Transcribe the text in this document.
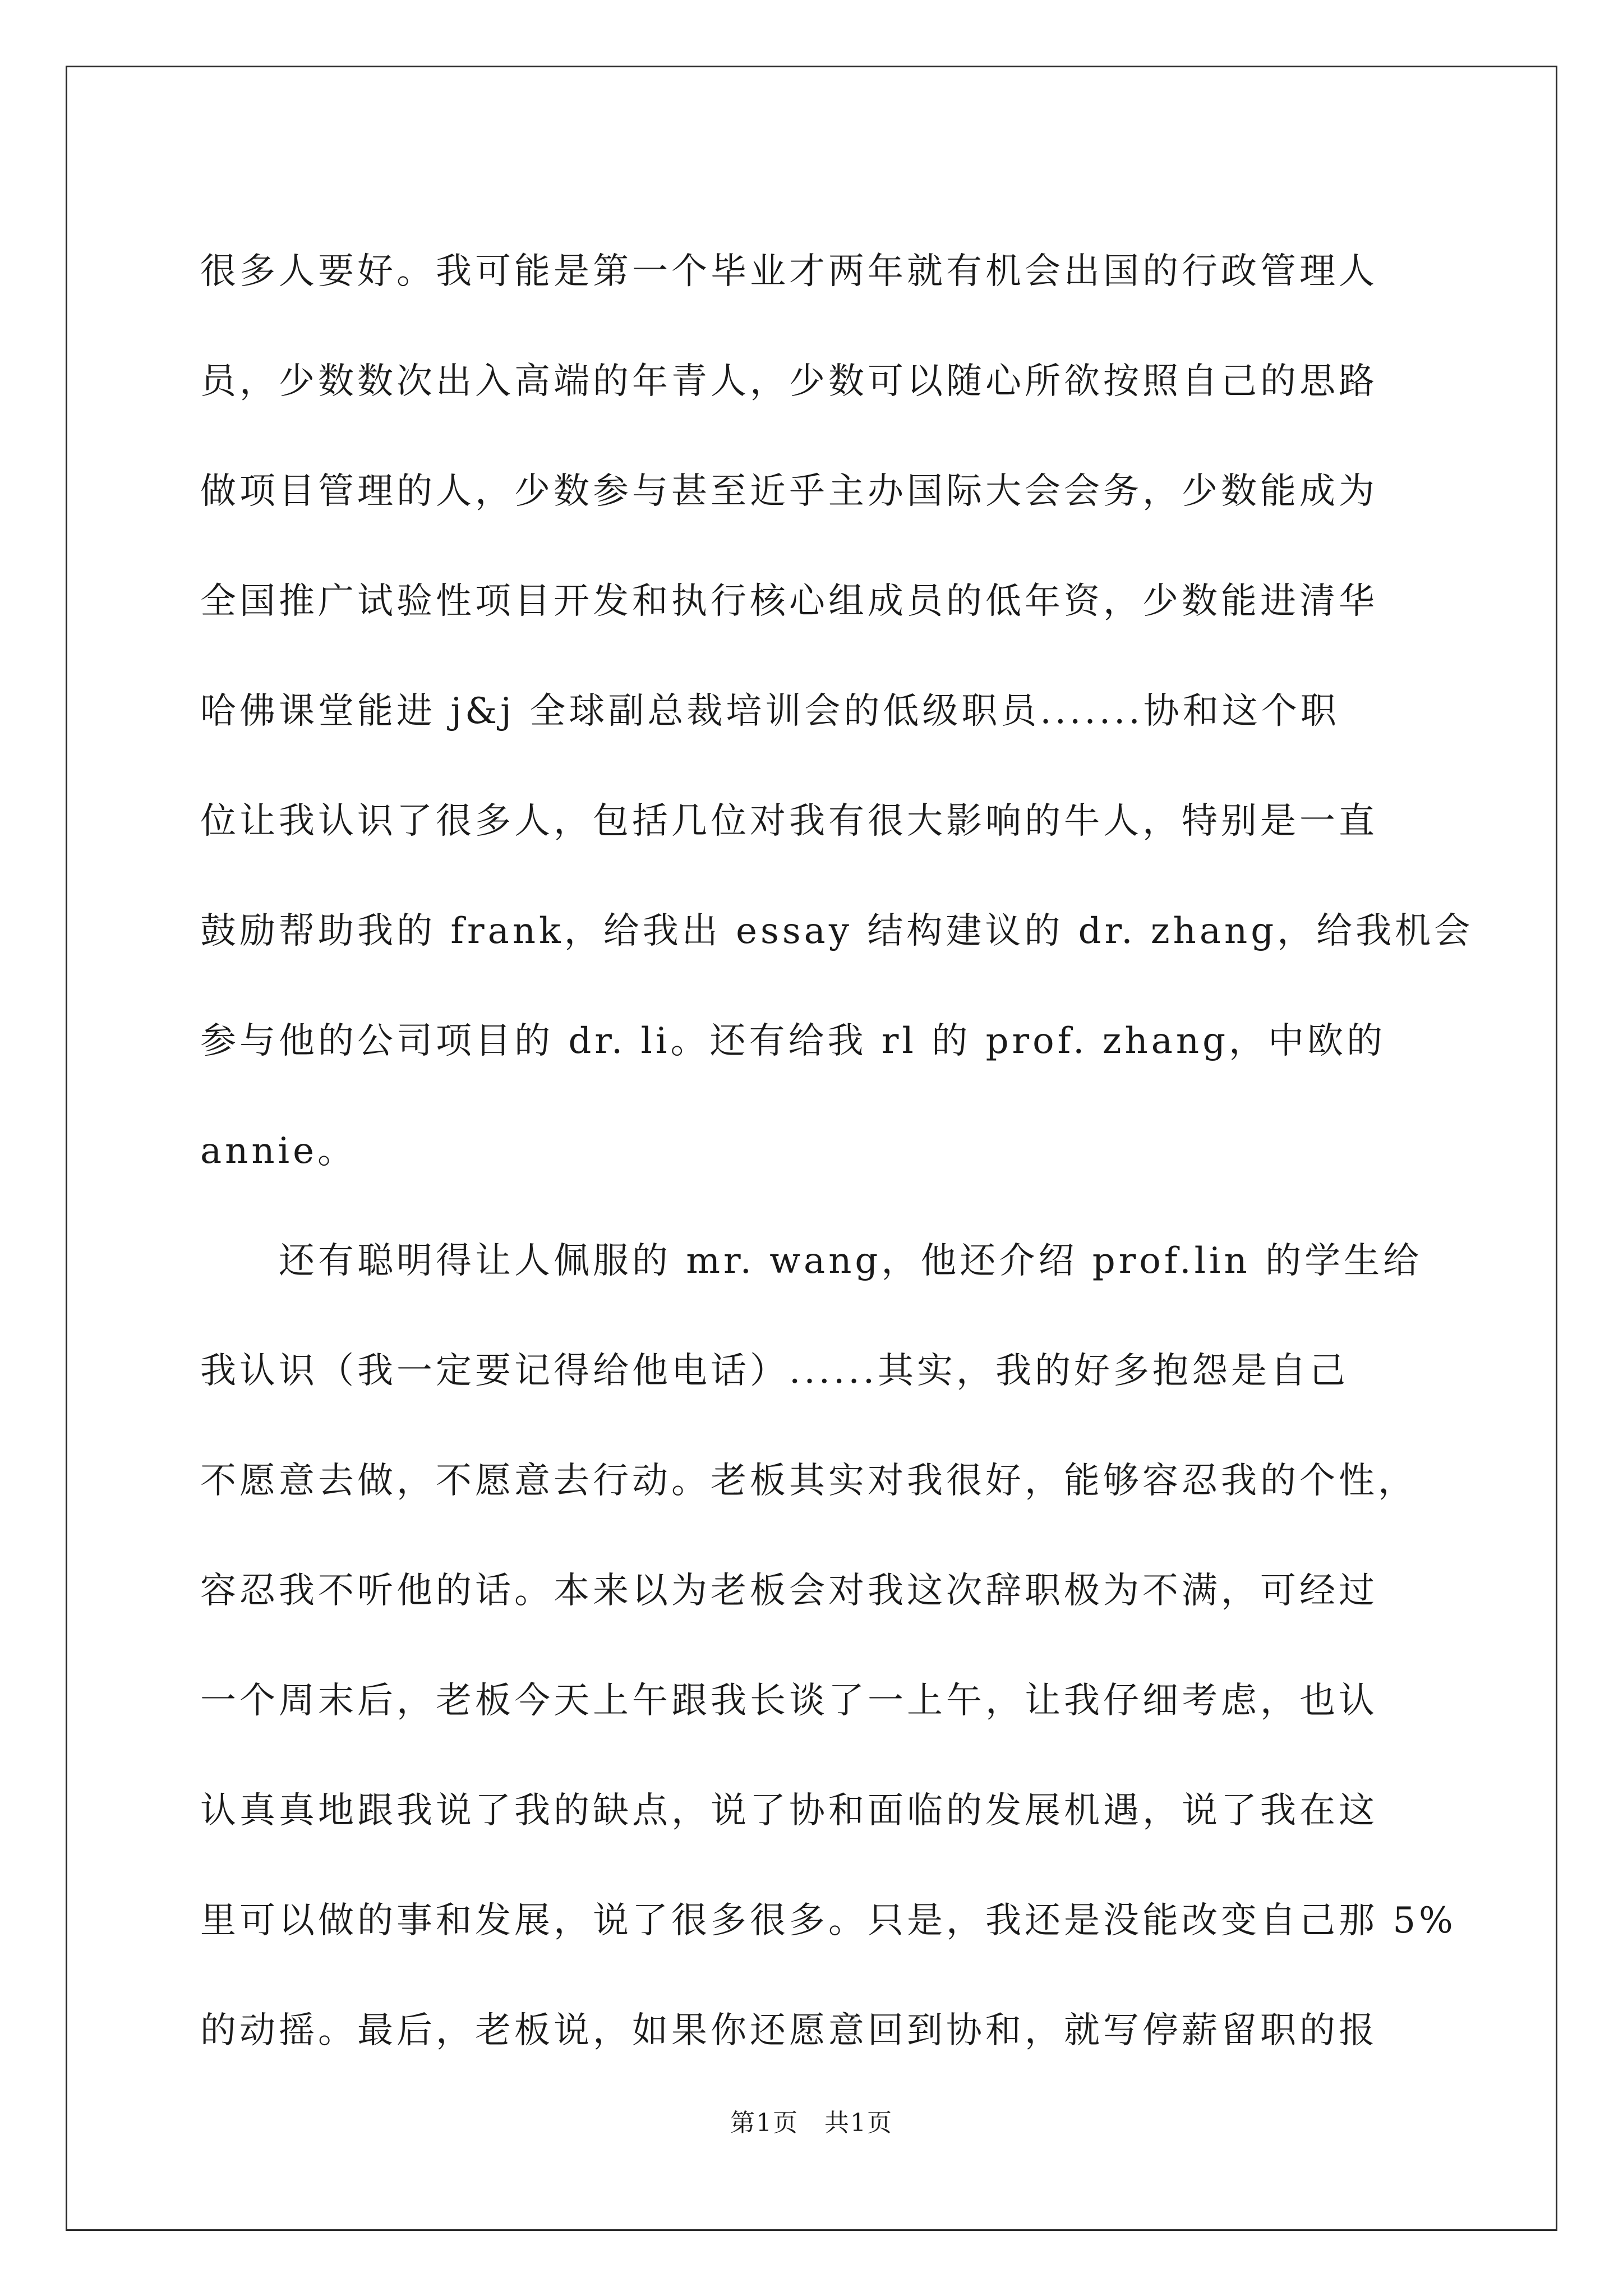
很多人要好。我可能是第一个毕业才两年就有机会出国的行政管理人
员，少数数次出入高端的年青人，少数可以随心所欲按照自己的思路
做项目管理的人，少数参与甚至近乎主办国际大会会务，少数能成为
全国推广试验性项目开发和执行核心组成员的低年资，少数能进清华
哈佛课堂能进 j&j 全球副总裁培训会的低级职员.......协和这个职
位让我认识了很多人，包括几位对我有很大影响的牛人，特别是一直
鼓励帮助我的 frank，给我出 essay 结构建议的 dr. zhang，给我机会
参与他的公司项目的 dr. li。还有给我 rl 的 prof. zhang，中欧的
annie。
还有聪明得让人佩服的 mr. wang，他还介绍 prof.lin 的学生给
我认识（我一定要记得给他电话）......其实，我的好多抱怨是自己
不愿意去做，不愿意去行动。老板其实对我很好，能够容忍我的个性，
容忍我不听他的话。本来以为老板会对我这次辞职极为不满，可经过
一个周末后，老板今天上午跟我长谈了一上午，让我仔细考虑，也认
认真真地跟我说了我的缺点，说了协和面临的发展机遇，说了我在这
里可以做的事和发展，说了很多很多。只是，我还是没能改变自己那 5%
的动摇。最后，老板说，如果你还愿意回到协和，就写停薪留职的报
第1页　共1页
